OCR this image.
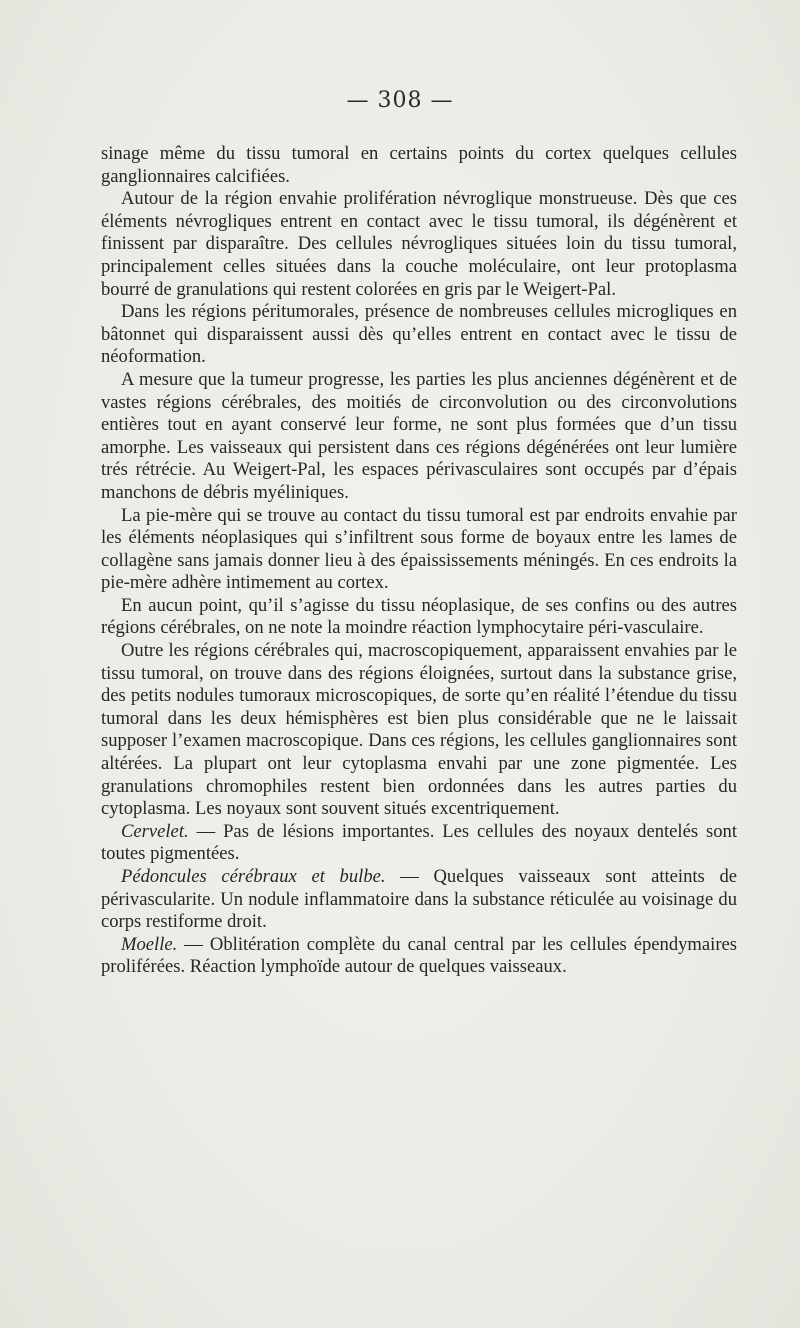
— 308 —

sinage même du tissu tumoral en certains points du cortex quelques cellules ganglionnaires calcifiées.

Autour de la région envahie prolifération névroglique monstrueuse. Dès que ces éléments névrogliques entrent en contact avec le tissu tumoral, ils dégénèrent et finissent par disparaître. Des cellules névrogliques situées loin du tissu tumoral, principalement celles situées dans la couche moléculaire, ont leur protoplasma bourré de granulations qui restent colorées en gris par le Weigert-Pal.

Dans les régions péritumorales, présence de nombreuses cellules microgliques en bâtonnet qui disparaissent aussi dès qu’elles entrent en contact avec le tissu de néoformation.

A mesure que la tumeur progresse, les parties les plus anciennes dégénèrent et de vastes régions cérébrales, des moitiés de circonvolution ou des circonvolutions entières tout en ayant conservé leur forme, ne sont plus formées que d’un tissu amorphe. Les vaisseaux qui persistent dans ces régions dégénérées ont leur lumière trés rétrécie. Au Weigert-Pal, les espaces périvasculaires sont occupés par d’épais manchons de débris myéliniques.

La pie-mère qui se trouve au contact du tissu tumoral est par endroits envahie par les éléments néoplasiques qui s’infiltrent sous forme de boyaux entre les lames de collagène sans jamais donner lieu à des épaississements méningés. En ces endroits la pie-mère adhère intimement au cortex.

En aucun point, qu’il s’agisse du tissu néoplasique, de ses confins ou des autres régions cérébrales, on ne note la moindre réaction lymphocytaire péri-vasculaire.

Outre les régions cérébrales qui, macroscopiquement, apparaissent envahies par le tissu tumoral, on trouve dans des régions éloignées, surtout dans la substance grise, des petits nodules tumoraux microscopiques, de sorte qu’en réalité l’étendue du tissu tumoral dans les deux hémisphères est bien plus considérable que ne le laissait supposer l’examen macroscopique. Dans ces régions, les cellules ganglionnaires sont altérées. La plupart ont leur cytoplasma envahi par une zone pigmentée. Les granulations chromophiles restent bien ordonnées dans les autres parties du cytoplasma. Les noyaux sont souvent situés excentriquement.

Cervelet. — Pas de lésions importantes. Les cellules des noyaux dentelés sont toutes pigmentées.

Pédoncules cérébraux et bulbe. — Quelques vaisseaux sont atteints de périvascularite. Un nodule inflammatoire dans la substance réticulée au voisinage du corps restiforme droit.

Moelle. — Oblitération complète du canal central par les cellules épendymaires proliférées. Réaction lymphoïde autour de quelques vaisseaux.
